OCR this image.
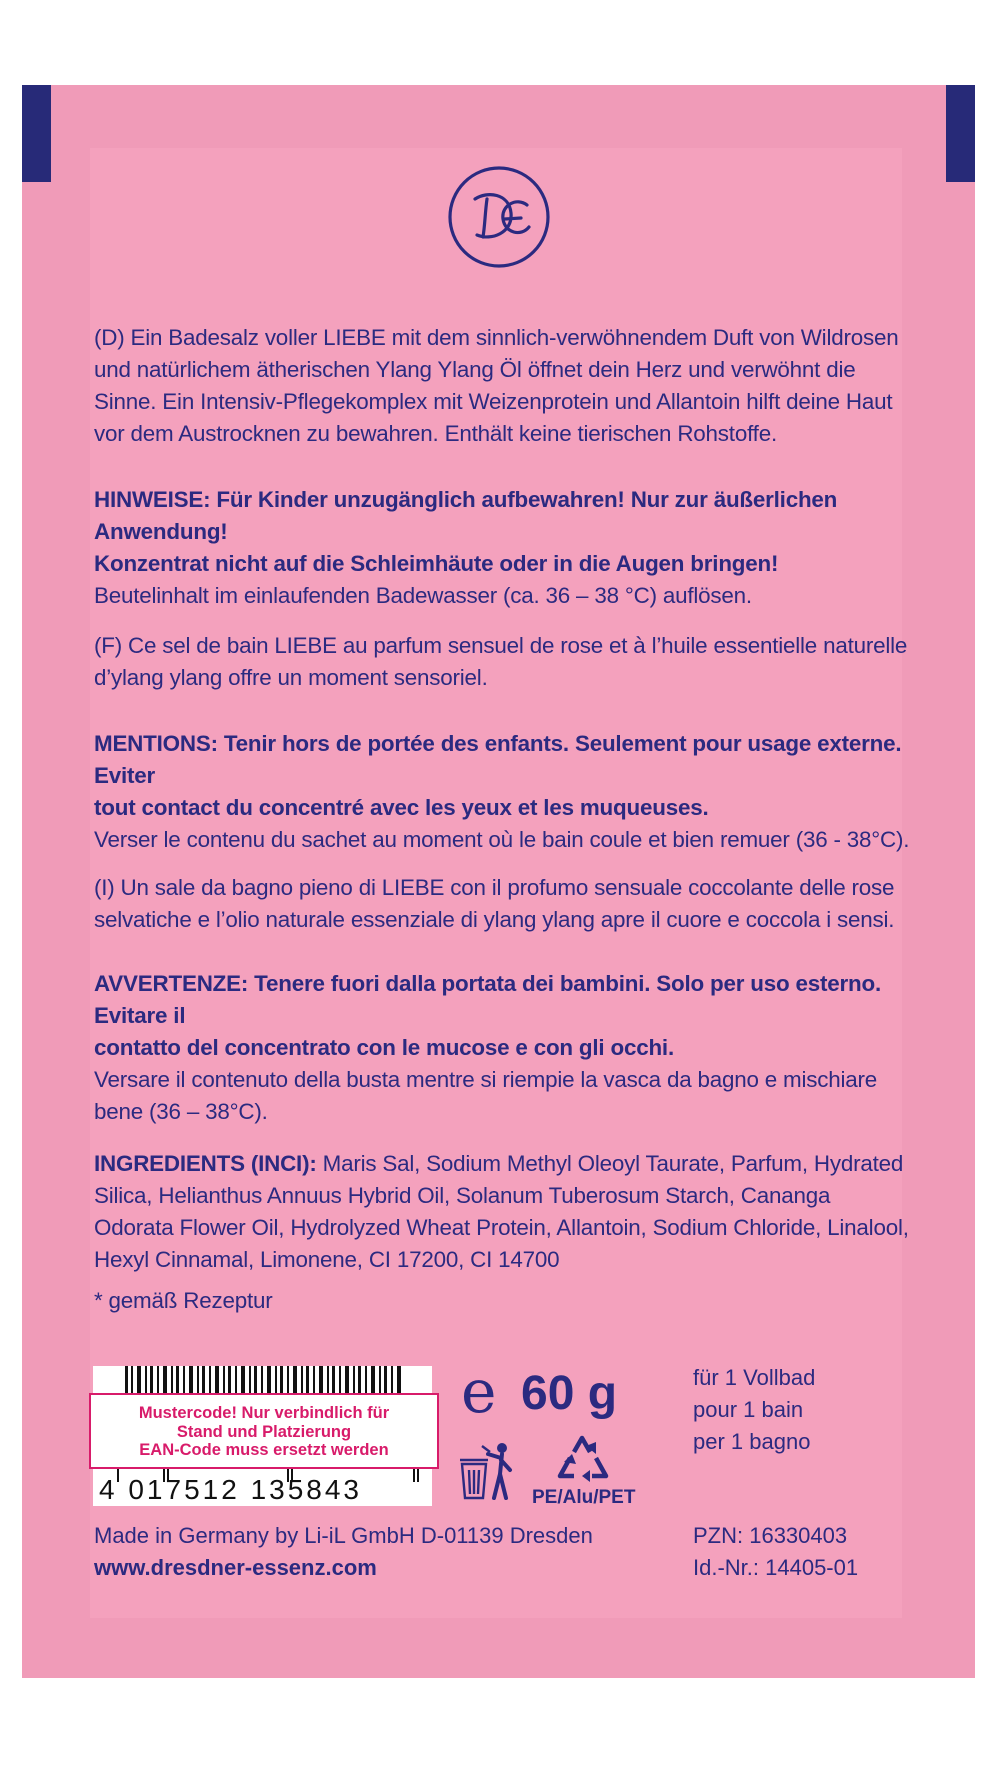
(D) Ein Badesalz voller LIEBE mit dem sinnlich-verwöhnendem Duft von Wildrosen und natürlichem ätherischen Ylang Ylang Öl öffnet dein Herz und verwöhnt die Sinne. Ein Intensiv-Pflegekomplex mit Weizenprotein und Allantoin hilft deine Haut vor dem Austrocknen zu bewahren. Enthält keine tierischen Rohstoffe.

HINWEISE: Für Kinder unzugänglich aufbewahren! Nur zur äußerlichen Anwendung!

Konzentrat nicht auf die Schleimhäute oder in die Augen bringen!

Beutelinhalt im einlaufenden Badewasser (ca. 36 – 38 °C) auflösen.

(F) Ce sel de bain LIEBE au parfum sensuel de rose et à l’huile essentielle naturelle d’ylang ylang offre un moment sensoriel.

MENTIONS: Tenir hors de portée des enfants. Seulement pour usage externe. Eviter

tout contact du concentré avec les yeux et les muqueuses.

Verser le contenu du sachet au moment où le bain coule et bien remuer (36 - 38°C).

(I) Un sale da bagno pieno di LIEBE con il profumo sensuale coccolante delle rose selvatiche e l’olio naturale essenziale di ylang ylang apre il cuore e coccola i sensi.

AVVERTENZE: Tenere fuori dalla portata dei bambini. Solo per uso esterno. Evitare il

contatto del concentrato con le mucose e con gli occhi.

Versare il contenuto della busta mentre si riempie la vasca da bagno e mischiare bene (36 – 38°C).

INGREDIENTS (INCI): Maris Sal, Sodium Methyl Oleoyl Taurate, Parfum, Hydrated Silica, Helianthus Annuus Hybrid Oil, Solanum Tuberosum Starch, Cananga Odorata Flower Oil, Hydrolyzed Wheat Protein, Allantoin, Sodium Chloride, Linalool, Hexyl Cinnamal, Limonene, CI 17200, CI 14700

* gemäß Rezeptur
4 017512 135843
Mustercode! Nur verbindlich für
Stand und Platzierung
EAN-Code muss ersetzt werden
e 60 g
PE/Alu/PET
für 1 Vollbad
pour 1 bain
per 1 bagno
Made in Germany by Li-iL GmbH D-01139 Dresden
www.dresdner-essenz.com
PZN: 16330403
Id.-Nr.: 14405-01
